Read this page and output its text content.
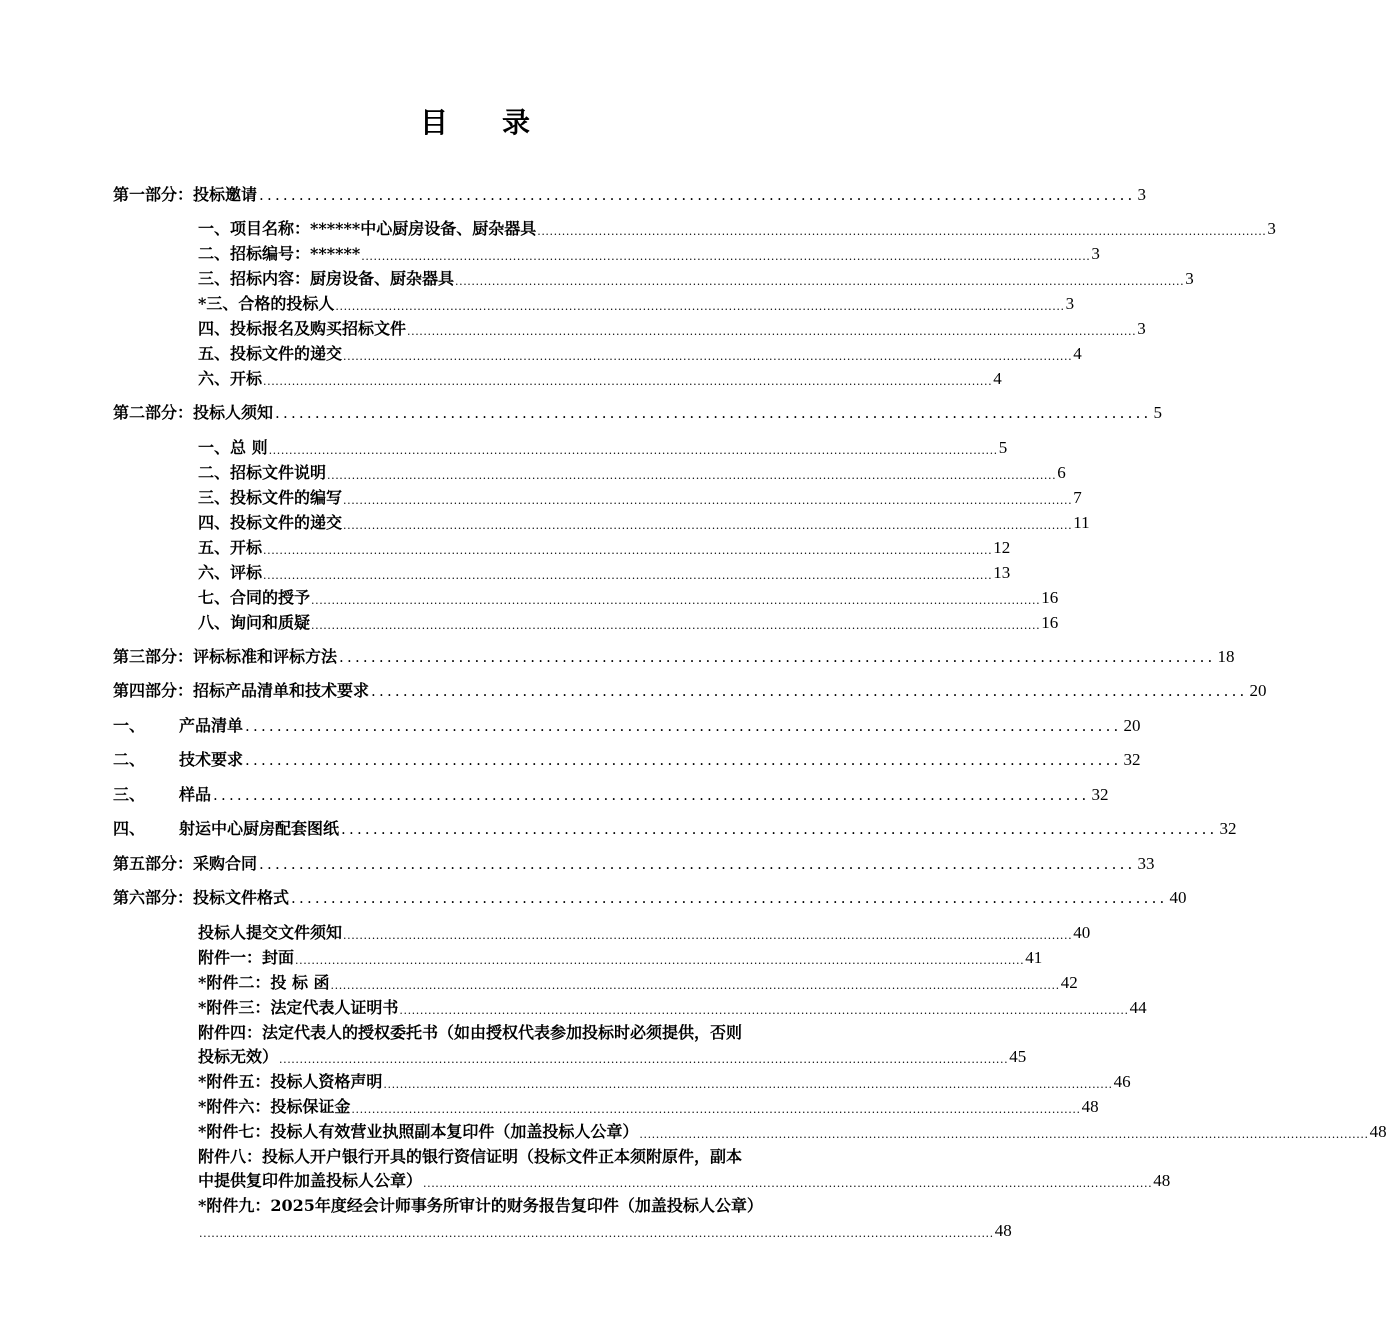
目录
第一部分：投标邀请 .............................................................................................................. 3
一、项目名称：******中心厨房设备、厨杂器具 .................................................................................................................................................................................. 3
二、招标编号：****** .................................................................................................................................................................................. 3
三、招标内容：厨房设备、厨杂器具 .................................................................................................................................................................................. 3
*三、合格的投标人 .................................................................................................................................................................................. 3
四、投标报名及购买招标文件 .................................................................................................................................................................................. 3
五、投标文件的递交 .................................................................................................................................................................................. 4
六、开标 .................................................................................................................................................................................. 4
第二部分：投标人须知 .............................................................................................................. 5
一、总 则 .................................................................................................................................................................................. 5
二、招标文件说明 .................................................................................................................................................................................. 6
三、投标文件的编写 .................................................................................................................................................................................. 7
四、投标文件的递交 .................................................................................................................................................................................. 11
五、开标 .................................................................................................................................................................................. 12
六、评标 .................................................................................................................................................................................. 13
七、合同的授予 .................................................................................................................................................................................. 16
八、询问和质疑 .................................................................................................................................................................................. 16
第三部分：评标标准和评标方法 .............................................................................................................. 18
第四部分：招标产品清单和技术要求 .............................................................................................................. 20
一、 产品清单 .............................................................................................................. 20
二、 技术要求 .............................................................................................................. 32
三、 样品 .............................................................................................................. 32
四、 射运中心厨房配套图纸 .............................................................................................................. 32
第五部分：采购合同 .............................................................................................................. 33
第六部分：投标文件格式 .............................................................................................................. 40
投标人提交文件须知 .................................................................................................................................................................................. 40
附件一：封面 .................................................................................................................................................................................. 41
*附件二：投 标 函 .................................................................................................................................................................................. 42
*附件三：法定代表人证明书 .................................................................................................................................................................................. 44
附件四：法定代表人的授权委托书（如由授权代表参加投标时必须提供，否则
投标无效） .................................................................................................................................................................................. 45
*附件五：投标人资格声明 .................................................................................................................................................................................. 46
*附件六：投标保证金 .................................................................................................................................................................................. 48
*附件七：投标人有效营业执照副本复印件（加盖投标人公章） .................................................................................................................................................................................. 48
附件八：投标人开户银行开具的银行资信证明（投标文件正本须附原件，副本
中提供复印件加盖投标人公章） .................................................................................................................................................................................. 48
*附件九：2025年度经会计师事务所审计的财务报告复印件（加盖投标人公章）
.................................................................................................................................................................................................. 48
